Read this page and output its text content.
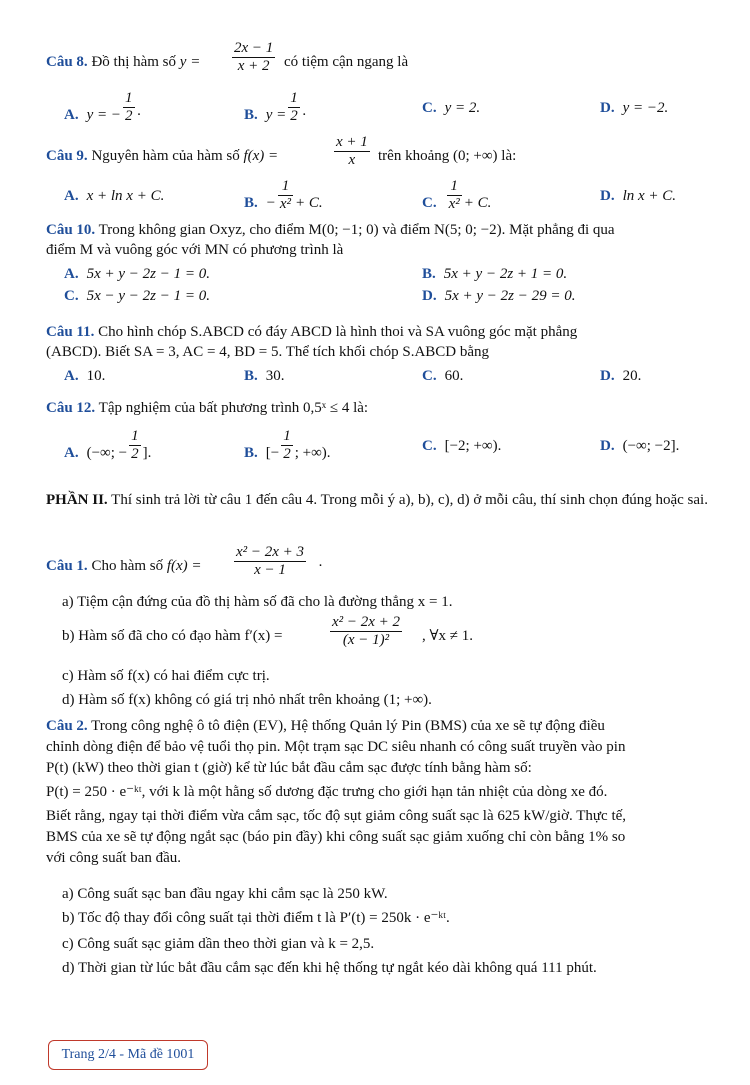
Câu 8. Đồ thị hàm số $y = \frac{2x - 1}{x + 2}$ có tiệm cận ngang là
A. y = − $\frac{1}{2}$ ·	B. $y = \frac{1}{2}$ ·	C. y = 2.	D. y = −2.
Câu 9. Nguyên hàm của hàm số f(x) =	$\frac{x + 1}{x}$ trên khoảng (0; +∞) là:
A. x + ln x + C.	B. − $\frac{1}{\text{x²}} + C$.	C. $\frac{1}{\text{x²}} + C$.	D. ln x + C.
Câu 10. Trong không gian Oxyz, cho điểm M(0; −1; 0) và điểm N(5; 0; −2). Mặt phẳng đi qua
điểm M và vuông góc với MN có phương trình là
A. 5x + y − 2z − 1 = 0.	B. 5x + y − 2z + 1 = 0.
C. 5x − y − 2z − 1 = 0.	D. 5x + y − 2z − 29 = 0.
Câu 11. Cho hình chóp S.ABCD có đáy ABCD là hình thoi và SA vuông góc mặt phẳng
(ABCD). Biết SA = 3, AC = 4, BD = 5. Thể tích khối chóp S.ABCD bằng
A. 10.	B. 30.	C. 60.	D. 20.
Câu 12. Tập nghiệm của bất phương trình 0,5ˣ ≤ 4 là:
A. (−∞; − $\frac{1}{2}$ ].	B. [− $\frac{1}{2}$ ; +∞).	C. [−2; +∞).	D. (−∞; −2].
PHẦN II. Thí sinh trả lời từ câu 1 đến câu 4. Trong mỗi ý a), b), c), d) ở mỗi câu, thí sinh chọn đúng hoặc sai.
Câu 1. Cho hàm số $f(x) = \frac{\text{x² − 2x + 3}}{x - 1}$ ·
a) Tiệm cận đứng của đồ thị hàm số đã cho là đường thẳng x = 1.
b) Hàm số đã cho có đạo hàm f′(x) =	$\frac{\text{x² − 2x + 2}}{\text{(x − 1)²}}$ , ∀x ≠ 1.
c) Hàm số f(x) có hai điểm cực trị.
d) Hàm số f(x) không có giá trị nhỏ nhất trên khoảng (1; +∞).
Câu 2. Trong công nghệ ô tô điện (EV), Hệ thống Quản lý Pin (BMS) của xe sẽ tự động điều
chỉnh dòng điện để bảo vệ tuổi thọ pin. Một trạm sạc DC siêu nhanh có công suất truyền vào pin
P(t) (kW) theo thời gian t (giờ) kể từ lúc bắt đầu cắm sạc được tính bằng hàm số:
P(t) = 250 · e⁻ᵏᵗ, với k là một hằng số dương đặc trưng cho giới hạn tản nhiệt của dòng xe đó.
Biết rằng, ngay tại thời điểm vừa cắm sạc, tốc độ sụt giảm công suất sạc là 625 kW/giờ. Thực tế,
BMS của xe sẽ tự động ngắt sạc (báo pin đầy) khi công suất sạc giảm xuống chỉ còn bằng 1% so
với công suất ban đầu.
a) Công suất sạc ban đầu ngay khi cắm sạc là 250 kW.
b) Tốc độ thay đổi công suất tại thời điểm t là P′(t) = 250k · e⁻ᵏᵗ.
c) Công suất sạc giảm dần theo thời gian và k = 2,5.
d) Thời gian từ lúc bắt đầu cắm sạc đến khi hệ thống tự ngắt kéo dài không quá 111 phút.
Trang 2/4 - Mã đề 1001
